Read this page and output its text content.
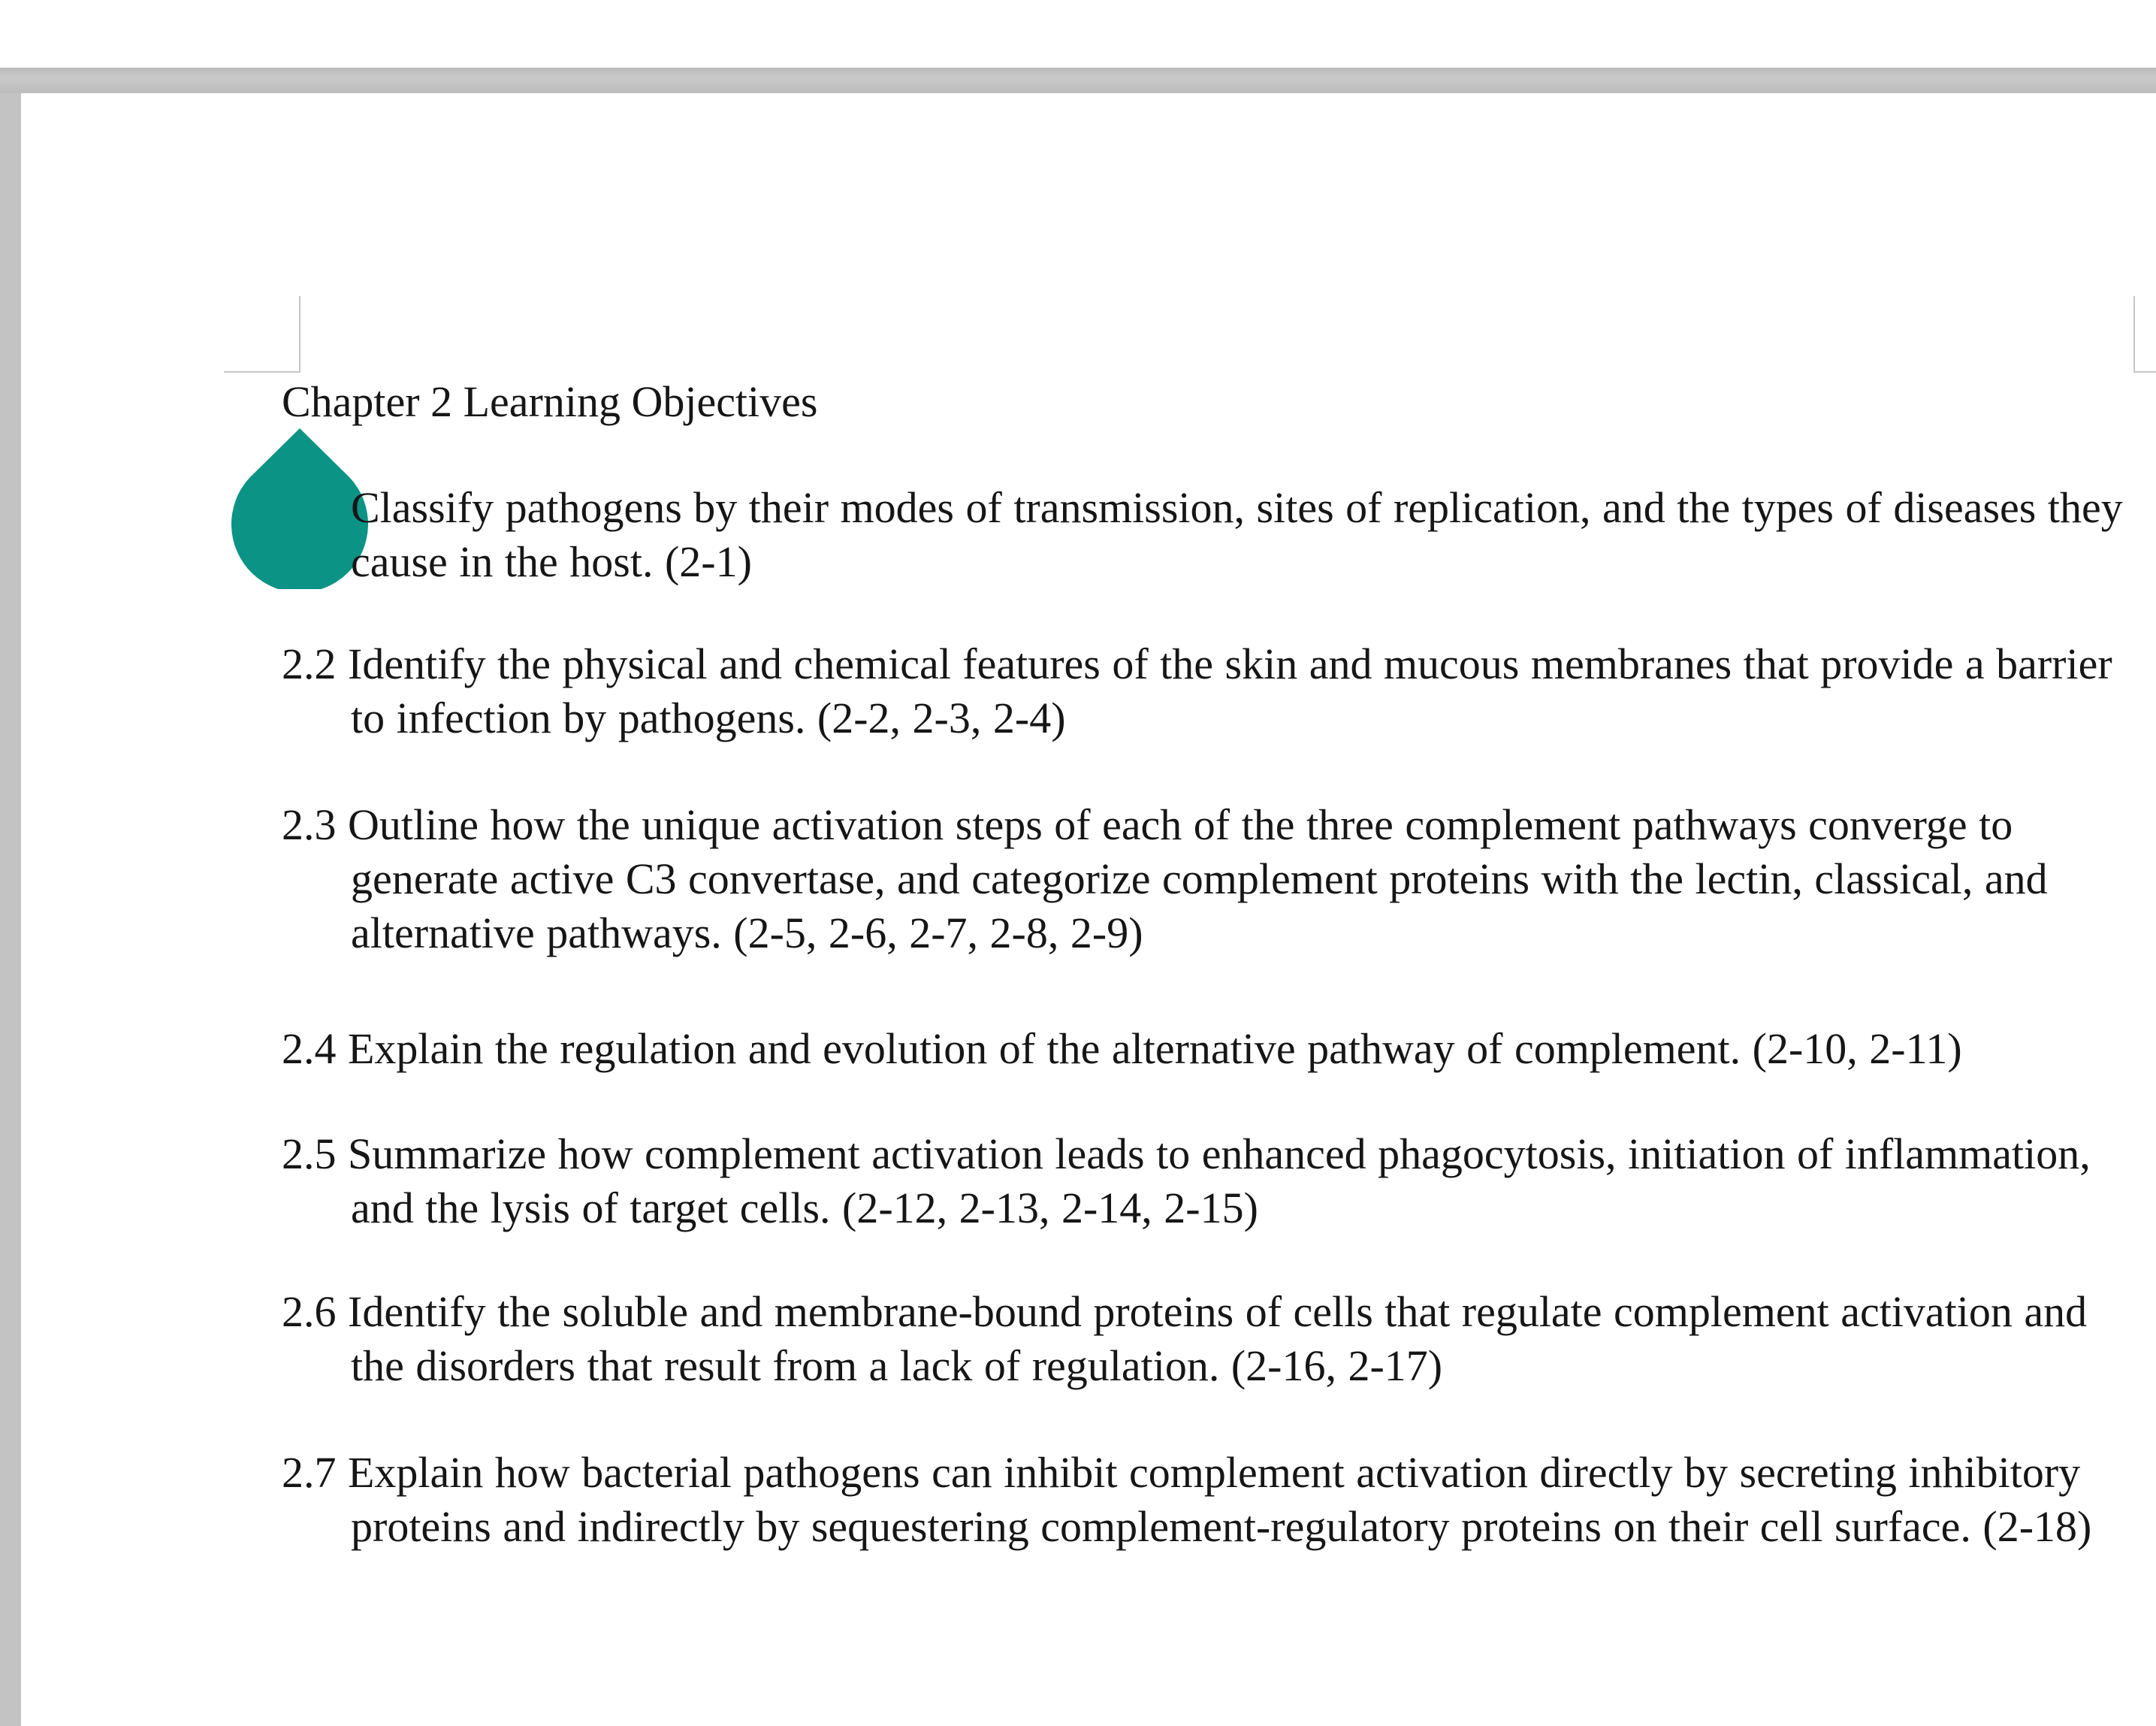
Chapter 2 Learning Objectives
Classify pathogens by their modes of transmission, sites of replication, and the types of diseases they cause in the host. (2-1)
2.2 Identify the physical and chemical features of the skin and mucous membranes that provide a barrier to infection by pathogens. (2-2, 2-3, 2-4)
2.3 Outline how the unique activation steps of each of the three complement pathways converge to generate active C3 convertase, and categorize complement proteins with the lectin, classical, and alternative pathways. (2-5, 2-6, 2-7, 2-8, 2-9)
2.4 Explain the regulation and evolution of the alternative pathway of complement. (2-10, 2-11)
2.5 Summarize how complement activation leads to enhanced phagocytosis, initiation of inflammation, and the lysis of target cells. (2-12, 2-13, 2-14, 2-15)
2.6 Identify the soluble and membrane-bound proteins of cells that regulate complement activation and the disorders that result from a lack of regulation. (2-16, 2-17)
2.7 Explain how bacterial pathogens can inhibit complement activation directly by secreting inhibitory proteins and indirectly by sequestering complement-regulatory proteins on their cell surface. (2-18)
